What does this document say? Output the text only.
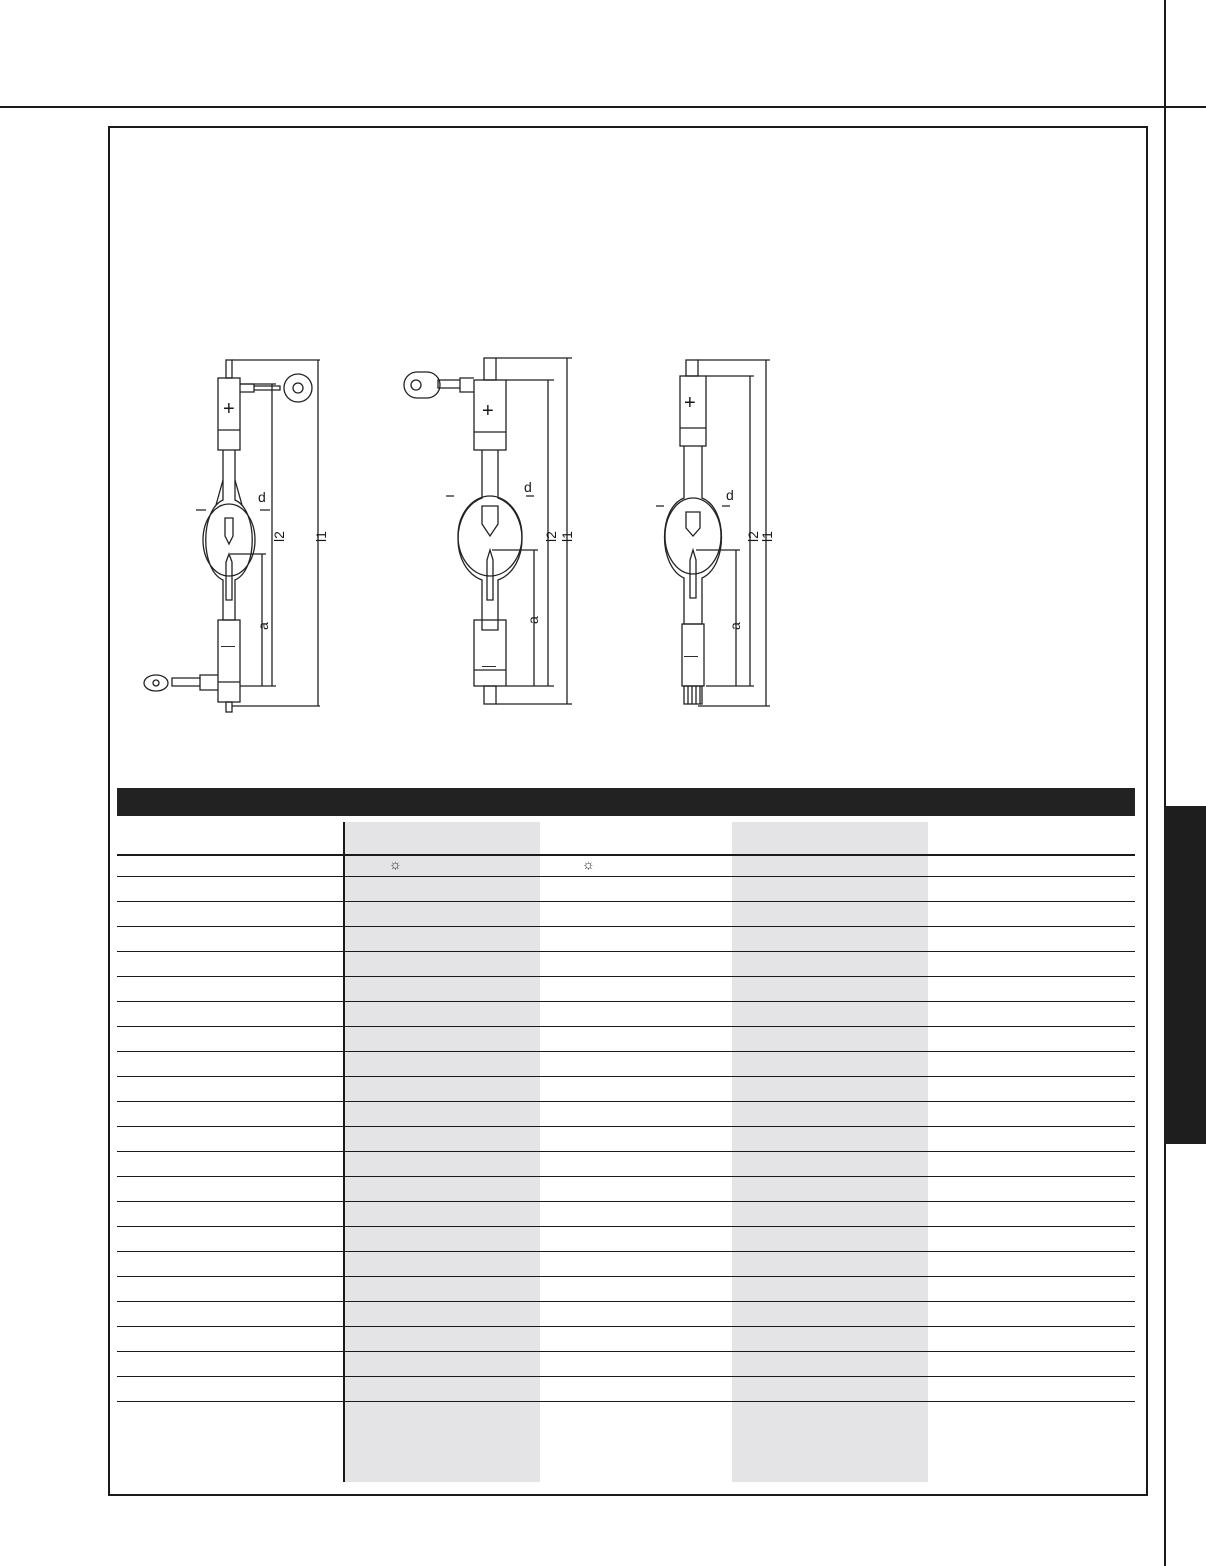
+
—
d
a
l2 l1
+
—
d
a
l2 l1
+
—
d
a
l2
l1
☼	☼
